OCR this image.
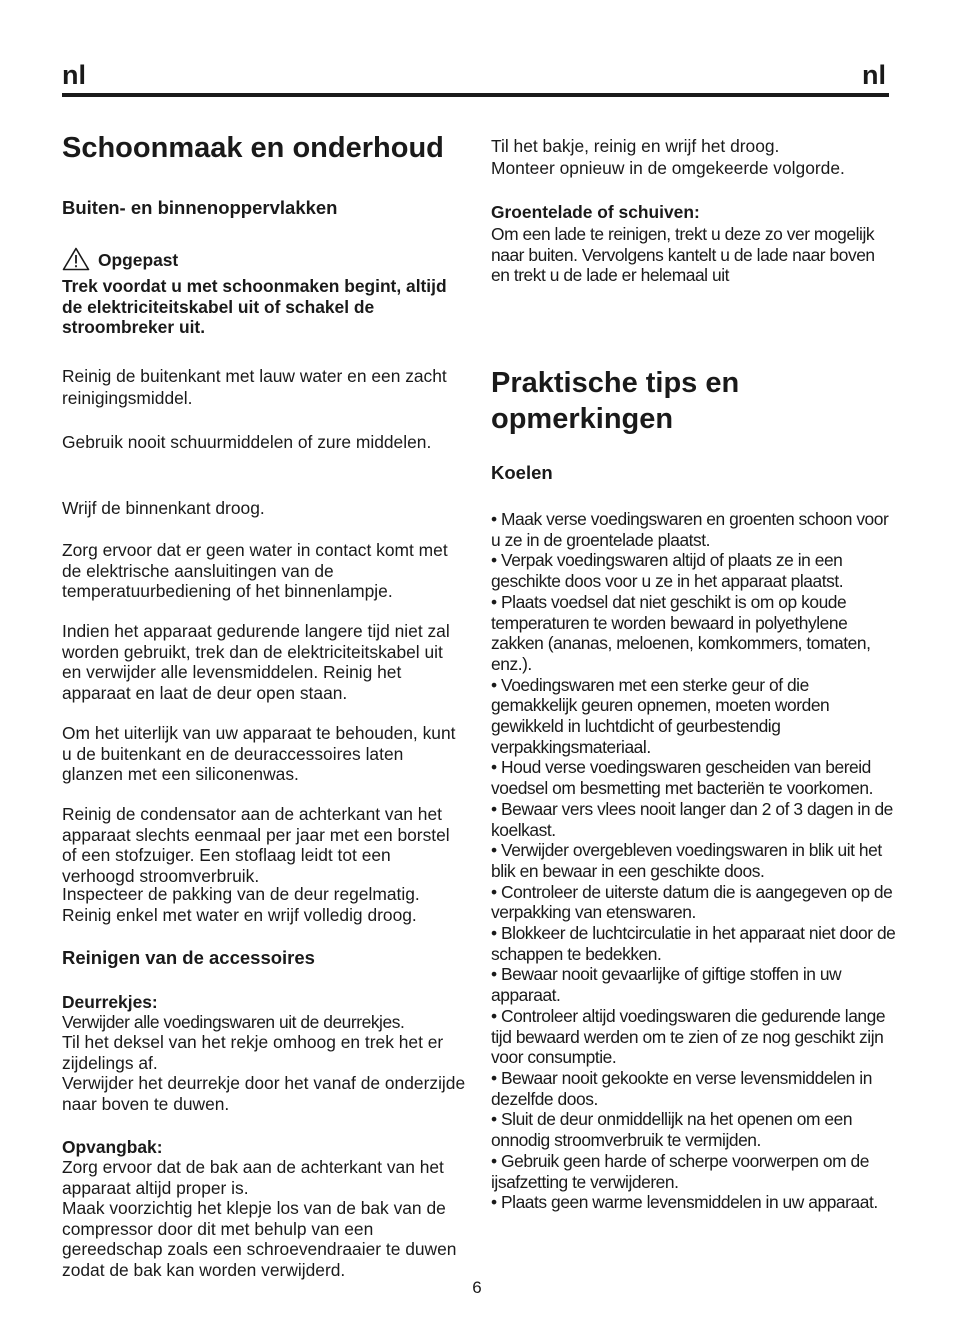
nl	nl
Schoonmaak en onderhoud
Buiten- en binnenoppervlakken
Opgepast

Trek voordat u met schoonmaken begint, altijd de elektriciteitskabel uit of schakel de stroombreker uit.

Reinig de buitenkant met lauw water en een zacht reinigingsmiddel.

Gebruik nooit schuurmiddelen of zure middelen.

Wrijf de binnenkant droog.

Zorg ervoor dat er geen water in contact komt met de elektrische aansluitingen van de temperatuurbediening of het binnenlampje.

Indien het apparaat gedurende langere tijd niet zal worden gebruikt, trek dan de elektriciteitskabel uit en verwijder alle levensmiddelen. Reinig het apparaat en laat de deur open staan.

Om het uiterlijk van uw apparaat te behouden, kunt u de buitenkant en de deuraccessoires laten glanzen met een siliconenwas.

Reinig de condensator aan de achterkant van het apparaat slechts eenmaal per jaar met een borstel of een stofzuiger. Een stoflaag leidt tot een verhoogd stroomverbruik.

Inspecteer de pakking van de deur regelmatig. Reinig enkel met water en wrijf volledig droog.

Reinigen van de accessoires

Deurrekjes:

Verwijder alle voedingswaren uit de deurrekjes.

Til het deksel van het rekje omhoog en trek het er zijdelings af.

Verwijder het deurrekje door het vanaf de onderzijde naar boven te duwen.

Opvangbak:

Zorg ervoor dat de bak aan de achterkant van het apparaat altijd proper is.

Maak voorzichtig het klepje los van de bak van de compressor door dit met behulp van een gereedschap zoals een schroevendraaier te duwen zodat de bak kan worden verwijderd.

Til het bakje, reinig en wrijf het droog.

Monteer opnieuw in de omgekeerde volgorde.

Groentelade of schuiven:

Om een lade te reinigen, trekt u deze zo ver mogelijk naar buiten. Vervolgens kantelt u de lade naar boven en trekt u de lade er helemaal uit

Praktische tips en
opmerkingen
Koelen

• Maak verse voedingswaren en groenten schoon voor u ze in de groentelade plaatst.

• Verpak voedingswaren altijd of plaats ze in een geschikte doos voor u ze in het apparaat plaatst.

• Plaats voedsel dat niet geschikt is om op koude temperaturen te worden bewaard in polyethylene zakken (ananas, meloenen, komkommers, tomaten, enz.).

• Voedingswaren met een sterke geur of die gemakkelijk geuren opnemen, moeten worden gewikkeld in luchtdicht of geurbestendig verpakkingsmateriaal.

• Houd verse voedingswaren gescheiden van bereid voedsel om besmetting met bacteriën te voorkomen.

• Bewaar vers vlees nooit langer dan 2 of 3 dagen in de koelkast.

• Verwijder overgebleven voedingswaren in blik uit het blik en bewaar in een geschikte doos.

• Controleer de uiterste datum die is aangegeven op de verpakking van etenswaren.

• Blokkeer de luchtcirculatie in het apparaat niet door de schappen te bedekken.

• Bewaar nooit gevaarlijke of giftige stoffen in uw apparaat.

• Controleer altijd voedingswaren die gedurende lange tijd bewaard werden om te zien of ze nog geschikt zijn voor consumptie.

• Bewaar nooit gekookte en verse levensmiddelen in dezelfde doos.

• Sluit de deur onmiddellijk na het openen om een onnodig stroomverbruik te vermijden.

• Gebruik geen harde of scherpe voorwerpen om de ijsafzetting te verwijderen.

• Plaats geen warme levensmiddelen in uw apparaat.

6
